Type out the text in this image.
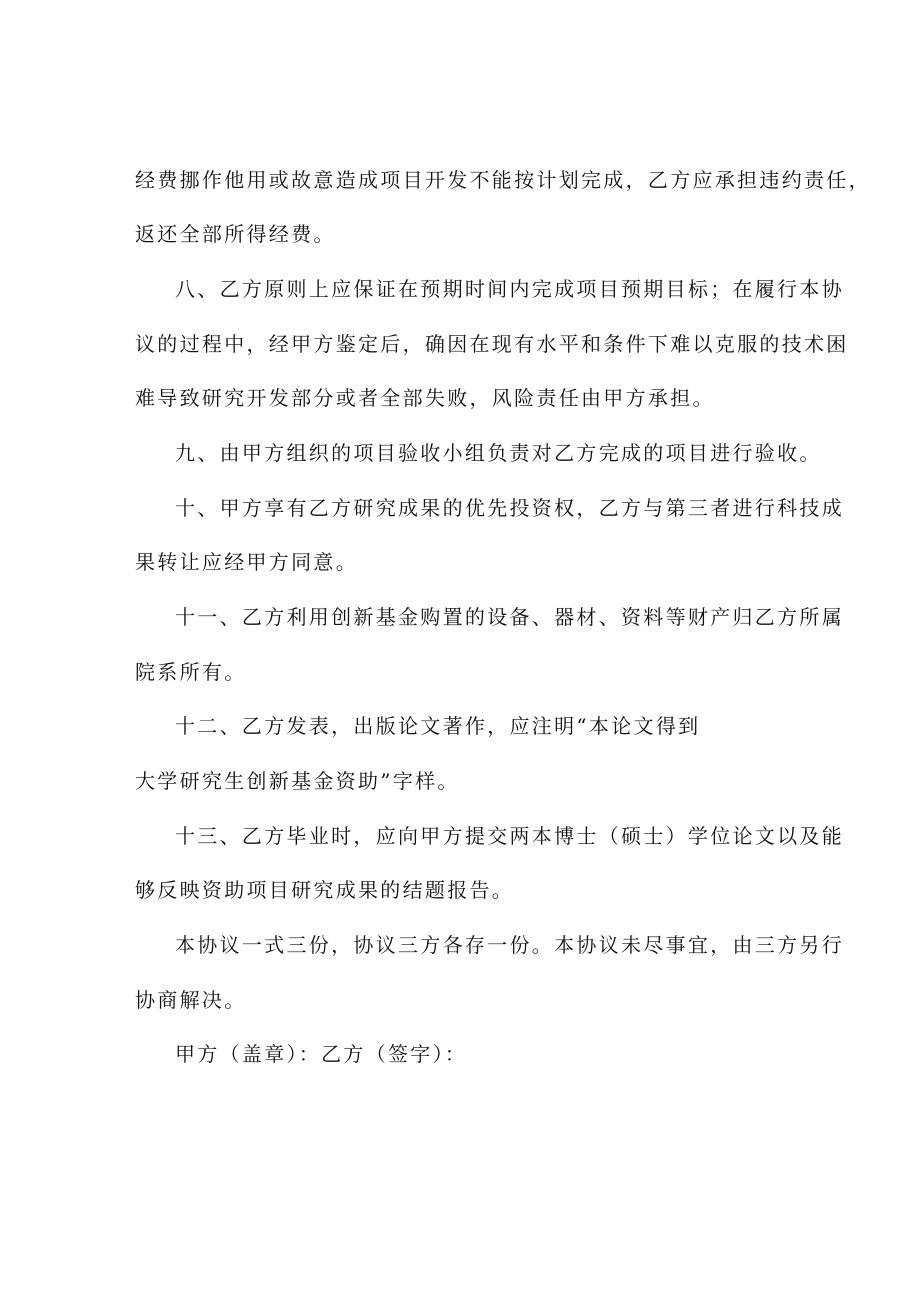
经费挪作他用或故意造成项目开发不能按计划完成，乙方应承担违约责任，
返还全部所得经费。
八、乙方原则上应保证在预期时间内完成项目预期目标；在履行本协
议的过程中，经甲方鉴定后，确因在现有水平和条件下难以克服的技术困
难导致研究开发部分或者全部失败，风险责任由甲方承担。
九、由甲方组织的项目验收小组负责对乙方完成的项目进行验收。
十、甲方享有乙方研究成果的优先投资权，乙方与第三者进行科技成
果转让应经甲方同意。
十一、乙方利用创新基金购置的设备、器材、资料等财产归乙方所属
院系所有。
十二、乙方发表，出版论文著作，应注明“本论文得到
大学研究生创新基金资助”字样。
十三、乙方毕业时，应向甲方提交两本博士（硕士）学位论文以及能
够反映资助项目研究成果的结题报告。
本协议一式三份，协议三方各存一份。本协议未尽事宜，由三方另行
协商解决。
甲方（盖章）：乙方（签字）：
